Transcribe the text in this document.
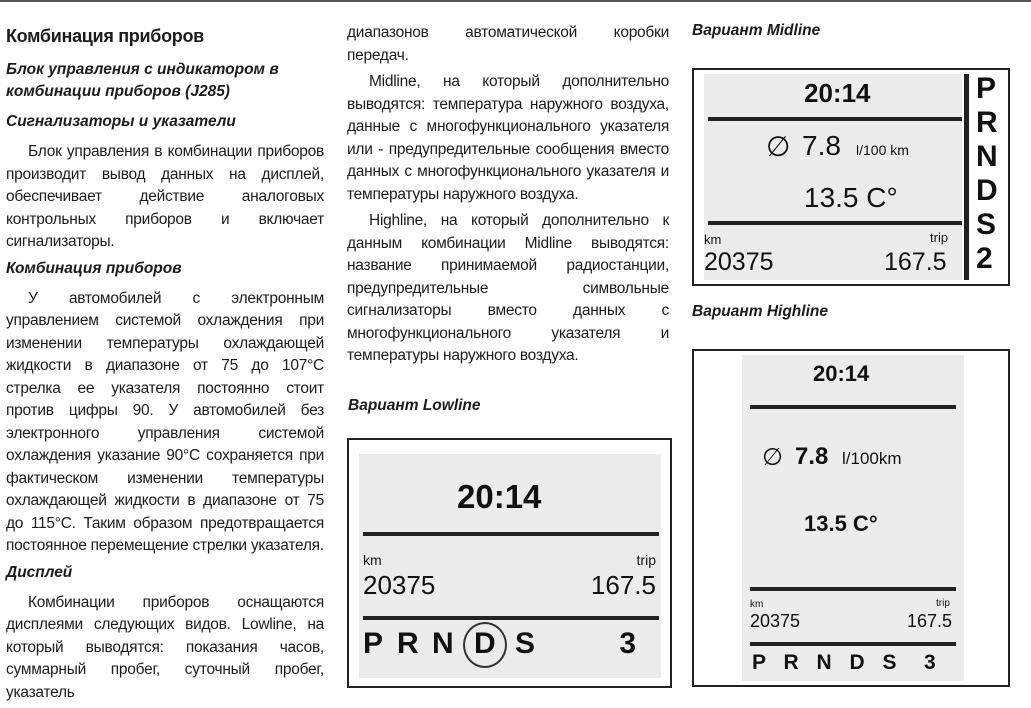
Комбинация приборов
Блок управления с индикатором в комбинации приборов (J285)
Сигнализаторы и указатели
Блок управления в комбинации приборов производит вывод данных на дисплей, обеспечивает действие аналоговых контрольных приборов и включает сигнализаторы.
Комбинация приборов
У автомобилей с электронным управлением системой охлаждения при изменении температуры охлаждающей жидкости в диапазоне от 75 до 107°С стрелка ее указателя постоянно стоит против цифры 90. У автомобилей без электронного управления системой охлаждения указание 90°С сохраняется при фактическом изменении температуры охлаждающей жидкости в диапазоне от 75 до 115°С. Таким образом предотвращается постоянное перемещение стрелки указателя.
Дисплей
Комбинации приборов оснащаются дисплеями следующих видов. Lowline, на который выводятся: показания часов, суммарный пробег, суточный пробег, указатель
диапазонов автоматической коробки передач.
Midline, на который дополнительно выводятся: температура наружного воздуха, данные с многофункционального указателя или - предупредительные сообщения вместо данных с многофункционального указателя и температуры наружного воздуха.
Highline, на который дополнительно к данным комбинации Midline выводятся: название принимаемой радиостанции, предупредительные символьные сигнализаторы вместо данных с многофункционального указателя и температуры наружного воздуха.
Вариант Lowline
20:14
km	trip
20375	167.5
P R N D S	3
Вариант Midline
20:14
∅ 7.8 l/100 km
13.5 C°
km	trip
20375	167.5
P
R
N
D
S
2
Вариант Highline
20:14
∅ 7.8 l/100km
13.5 C°
km	trip
20375	167.5
P R N D S 3
